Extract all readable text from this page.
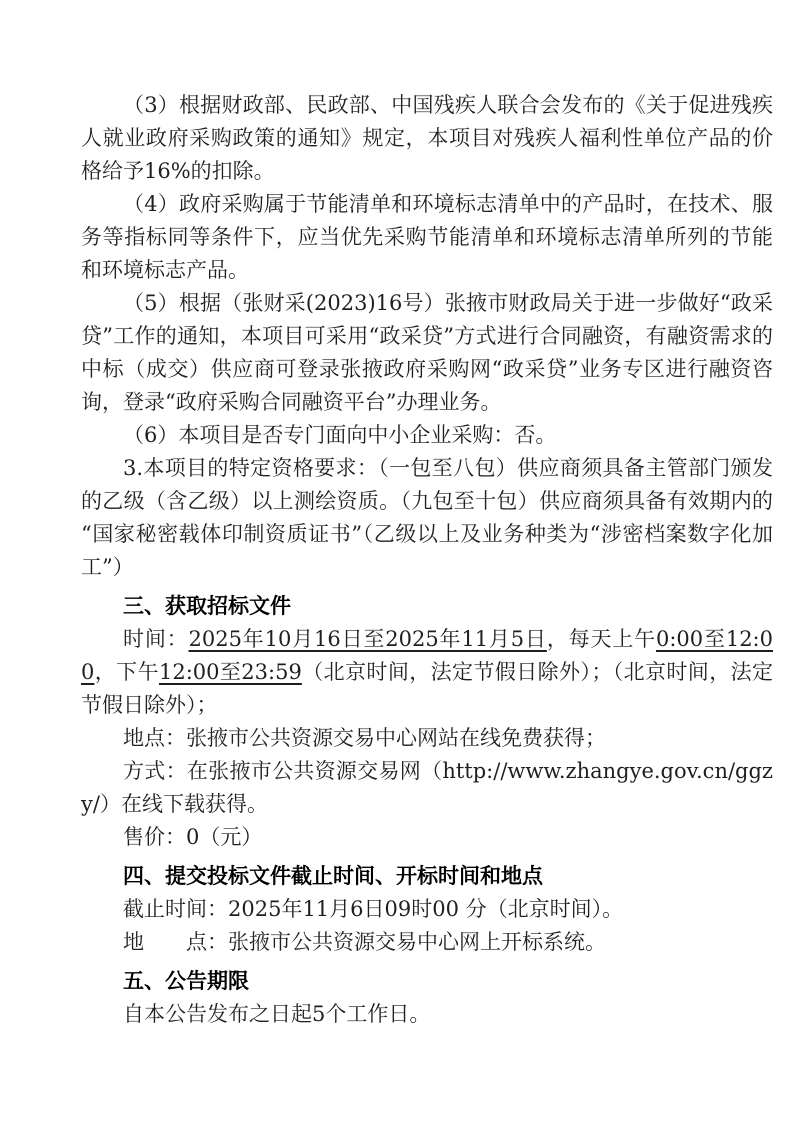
（3）根据财政部、民政部、中国残疾人联合会发布的《关于促进残疾人就业政府采购政策的通知》规定，本项目对残疾人福利性单位产品的价格给予16%的扣除。

（4）政府采购属于节能清单和环境标志清单中的产品时，在技术、服务等指标同等条件下，应当优先采购节能清单和环境标志清单所列的节能和环境标志产品。

（5）根据（张财采(2023)16号）张掖市财政局关于进一步做好“政采贷”工作的通知，本项目可采用“政采贷”方式进行合同融资，有融资需求的中标（成交）供应商可登录张掖政府采购网“政采贷”业务专区进行融资咨询，登录“政府采购合同融资平台”办理业务。

（6）本项目是否专门面向中小企业采购：否。

3.本项目的特定资格要求：（一包至八包）供应商须具备主管部门颁发的乙级（含乙级）以上测绘资质。（九包至十包）供应商须具备有效期内的“国家秘密载体印制资质证书”（乙级以上及业务种类为“涉密档案数字化加工”）

三、获取招标文件

时间：2025年10月16日至2025年11月5日，每天上午0:00至12:00，下午12:00至23:59（北京时间，法定节假日除外）；（北京时间，法定节假日除外）；

地点：张掖市公共资源交易中心网站在线免费获得；

方式：在张掖市公共资源交易网（http://www.zhangye.gov.cn/ggzy/）在线下载获得。

售价：0（元）

四、提交投标文件截止时间、开标时间和地点

截止时间：2025年11月6日09时00 分（北京时间）。

地　　点：张掖市公共资源交易中心网上开标系统。

五、公告期限

自本公告发布之日起5个工作日。
